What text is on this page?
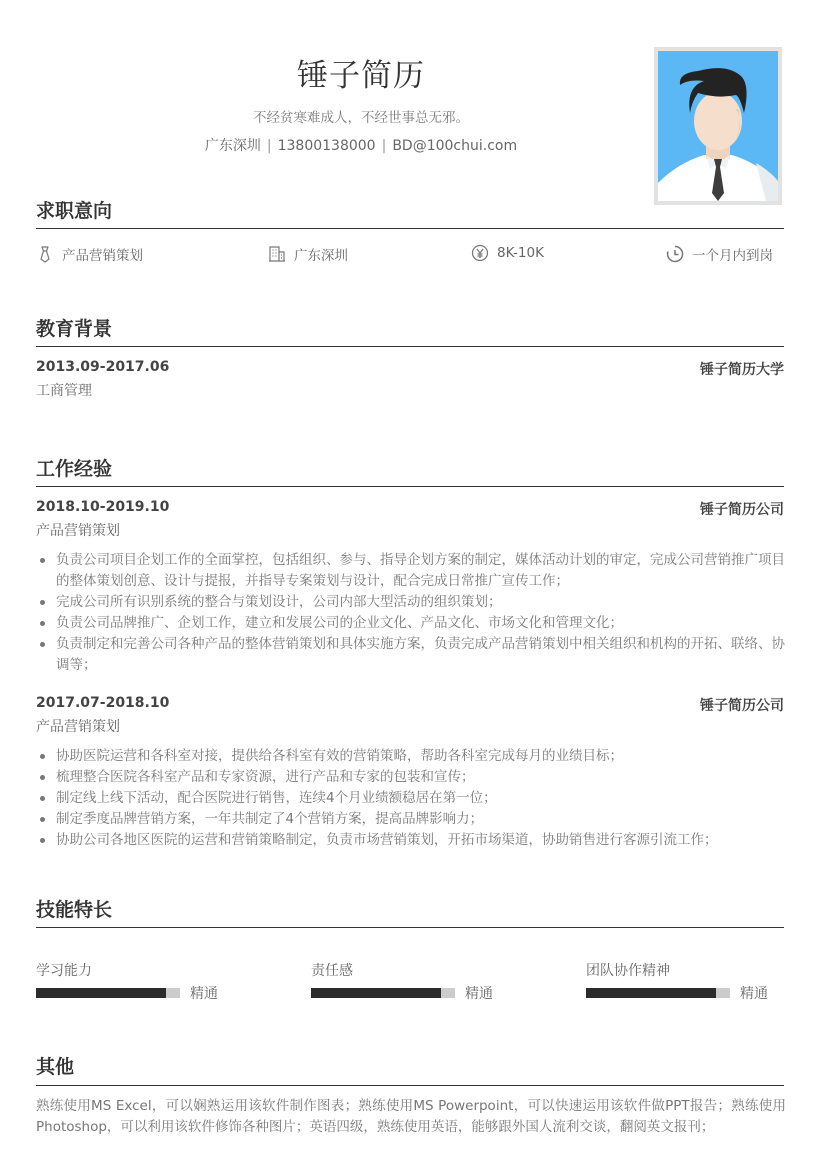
锤子简历
不经贫寒难成人，不经世事总无邪。
广东深圳 | 13800138000 | BD@100chui.com
求职意向
产品营销策划	广东深圳	8K-10K	一个月内到岗
教育背景
2013.09-2017.06	锤子简历大学
工商管理
工作经验
2018.10-2019.10	锤子简历公司
产品营销策划
负责公司项目企划工作的全面掌控，包括组织、参与、指导企划方案的制定，媒体活动计划的审定，完成公司营销推广项目的整体策划创意、设计与提报，并指导专案策划与设计，配合完成日常推广宣传工作；
完成公司所有识别系统的整合与策划设计，公司内部大型活动的组织策划；
负责公司品牌推广、企划工作，建立和发展公司的企业文化、产品文化、市场文化和管理文化；
负责制定和完善公司各种产品的整体营销策划和具体实施方案，负责完成产品营销策划中相关组织和机构的开拓、联络、协调等；
2017.07-2018.10	锤子简历公司
产品营销策划
协助医院运营和各科室对接，提供给各科室有效的营销策略，帮助各科室完成每月的业绩目标；
梳理整合医院各科室产品和专家资源，进行产品和专家的包装和宣传；
制定线上线下活动，配合医院进行销售，连续4个月业绩额稳居在第一位；
制定季度品牌营销方案，一年共制定了4个营销方案，提高品牌影响力；
协助公司各地区医院的运营和营销策略制定，负责市场营销策划，开拓市场渠道，协助销售进行客源引流工作；
技能特长
学习能力
精通
责任感
精通
团队协作精神
精通
其他
熟练使用MS Excel，可以娴熟运用该软件制作图表；熟练使用MS Powerpoint，可以快速运用该软件做PPT报告；熟练使用Photoshop，可以利用该软件修饰各种图片；英语四级，熟练使用英语，能够跟外国人流利交谈，翻阅英文报刊；
